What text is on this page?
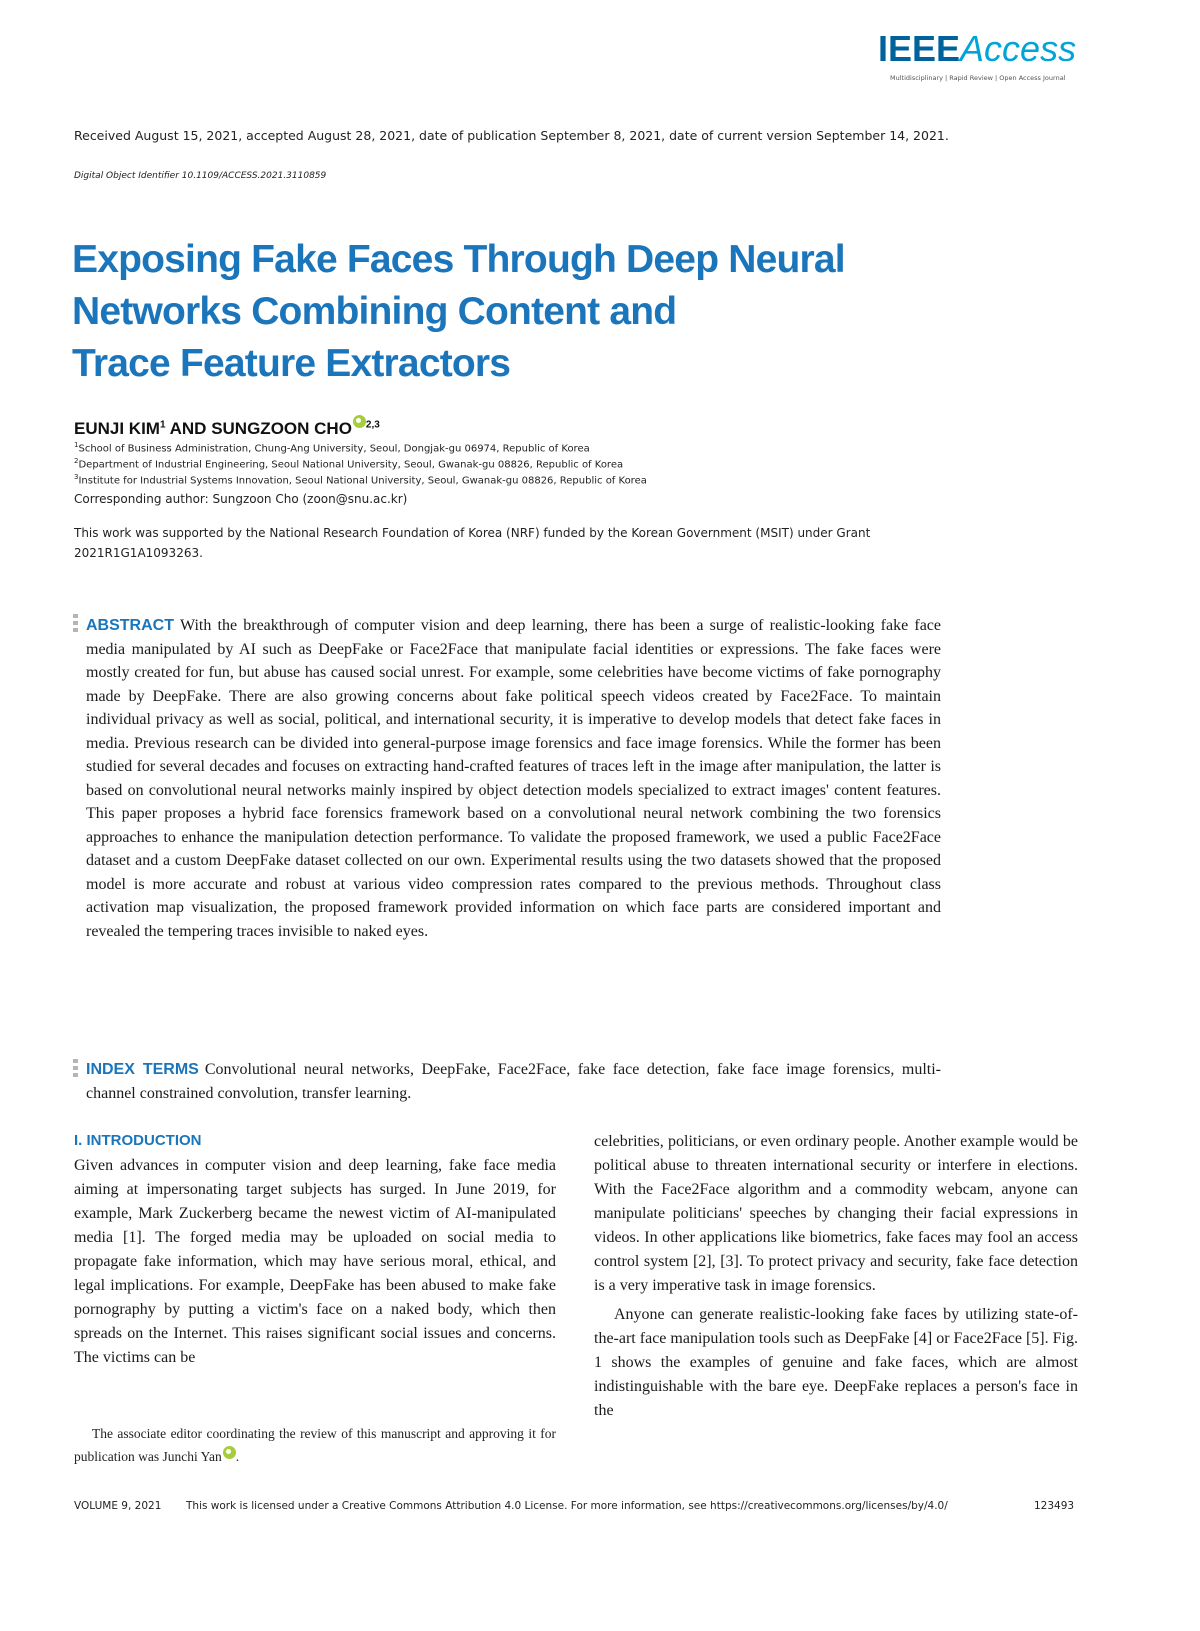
IEEEAccess
Multidisciplinary | Rapid Review | Open Access Journal
Received August 15, 2021, accepted August 28, 2021, date of publication September 8, 2021, date of current version September 14, 2021.
Digital Object Identifier 10.1109/ACCESS.2021.3110859
Exposing Fake Faces Through Deep Neural
Networks Combining Content and
Trace Feature Extractors
EUNJI KIM$^1$ AND SUNGZOON CHO $^{2,3}$
$^1$School of Business Administration, Chung-Ang University, Seoul, Dongjak-gu 06974, Republic of Korea
$^2$Department of Industrial Engineering, Seoul National University, Seoul, Gwanak-gu 08826, Republic of Korea
$^3$Institute for Industrial Systems Innovation, Seoul National University, Seoul, Gwanak-gu 08826, Republic of Korea
Corresponding author: Sungzoon Cho (zoon@snu.ac.kr)
This work was supported by the National Research Foundation of Korea (NRF) funded by the Korean Government (MSIT) under Grant 2021R1G1A1093263.
ABSTRACT With the breakthrough of computer vision and deep learning, there has been a surge of realistic-looking fake face media manipulated by AI such as DeepFake or Face2Face that manipulate facial identities or expressions. The fake faces were mostly created for fun, but abuse has caused social unrest. For example, some celebrities have become victims of fake pornography made by DeepFake. There are also growing concerns about fake political speech videos created by Face2Face. To maintain individual privacy as well as social, political, and international security, it is imperative to develop models that detect fake faces in media. Previous research can be divided into general-purpose image forensics and face image forensics. While the former has been studied for several decades and focuses on extracting hand-crafted features of traces left in the image after manipulation, the latter is based on convolutional neural networks mainly inspired by object detection models specialized to extract images' content features. This paper proposes a hybrid face forensics framework based on a convolutional neural network combining the two forensics approaches to enhance the manipulation detection performance. To validate the proposed framework, we used a public Face2Face dataset and a custom DeepFake dataset collected on our own. Experimental results using the two datasets showed that the proposed model is more accurate and robust at various video compression rates compared to the previous methods. Throughout class activation map visualization, the proposed framework provided information on which face parts are considered important and revealed the tempering traces invisible to naked eyes.
INDEX TERMS Convolutional neural networks, DeepFake, Face2Face, fake face detection, fake face image forensics, multi-channel constrained convolution, transfer learning.
I. INTRODUCTION

Given advances in computer vision and deep learning, fake face media aiming at impersonating target subjects has surged. In June 2019, for example, Mark Zuckerberg became the newest victim of AI-manipulated media [1]. The forged media may be uploaded on social media to propagate fake information, which may have serious moral, ethical, and legal implications. For example, DeepFake has been abused to make fake pornography by putting a victim's face on a naked body, which then spreads on the Internet. This raises significant social issues and concerns. The victims can be

celebrities, politicians, or even ordinary people. Another example would be political abuse to threaten international security or interfere in elections. With the Face2Face algorithm and a commodity webcam, anyone can manipulate politicians' speeches by changing their facial expressions in videos. In other applications like biometrics, fake faces may fool an access control system [2], [3]. To protect privacy and security, fake face detection is a very imperative task in image forensics.

Anyone can generate realistic-looking fake faces by utilizing state-of-the-art face manipulation tools such as DeepFake [4] or Face2Face [5]. Fig. 1 shows the examples of genuine and fake faces, which are almost indistinguishable with the bare eye. DeepFake replaces a person's face in the

The associate editor coordinating the review of this manuscript and approving it for publication was Junchi Yan .
VOLUME 9, 2021 This work is licensed under a Creative Commons Attribution 4.0 License. For more information, see https://creativecommons.org/licenses/by/4.0/	123493
